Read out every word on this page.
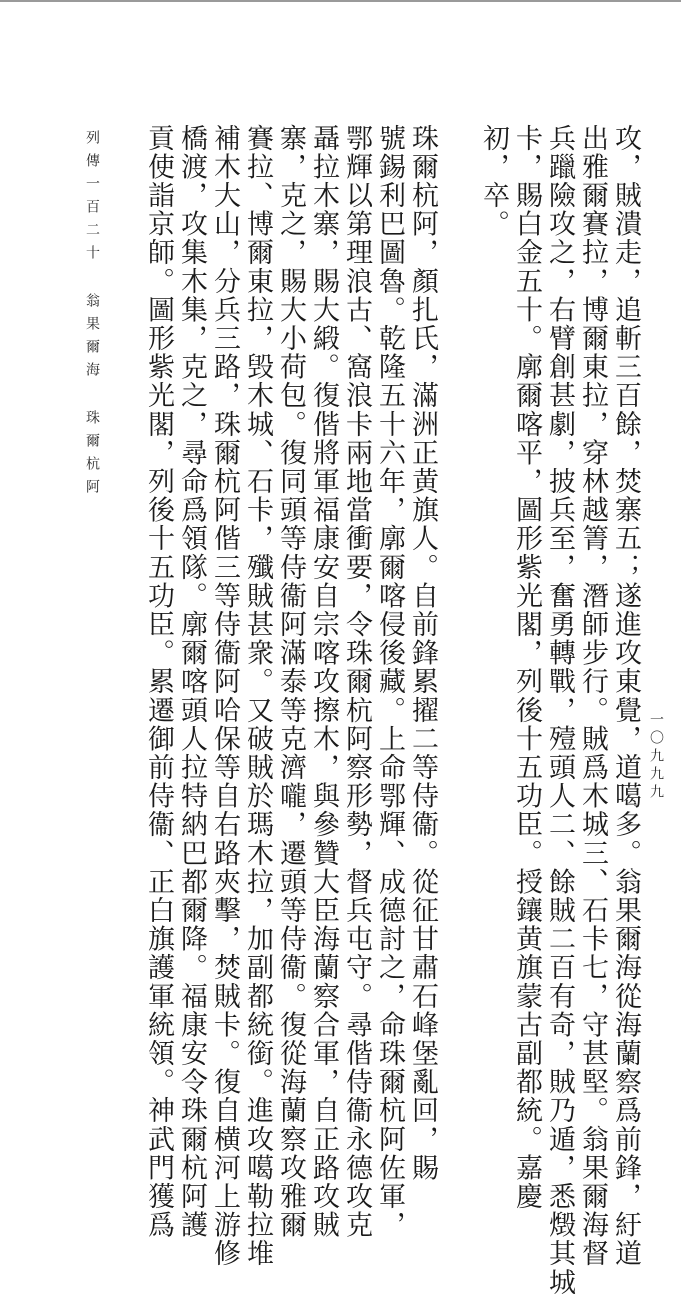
一〇九九九
攻，賊潰走，追斬三百餘，焚寨五；遂進攻東覺，道噶多。翁果爾海從海蘭察爲前鋒，紆道
出雅爾賽拉，博爾東拉，穿林越箐，潛師步行。賊爲木城三、石卡七，守甚堅。翁果爾海督
兵躐險攻之，右臂創甚劇，披兵至，奮勇轉戰，殪頭人二、餘賊二百有奇，賊乃遁，悉燬其城
卡，賜白金五十。廓爾喀平，圖形紫光閣，列後十五功臣。授鑲黄旗蒙古副都統。嘉慶
初，卒。
珠爾杭阿，顏扎氏，滿洲正黄旗人。自前鋒累擢二等侍衞。從征甘肅石峰堡亂回，賜
號錫利巴圖魯。乾隆五十六年，廓爾喀侵後藏。上命鄂輝、成德討之，命珠爾杭阿佐軍，
鄂輝以第理浪古、窩浪卡兩地當衝要，令珠爾杭阿察形勢，督兵屯守。尋偕侍衞永德攻克
聶拉木寨，賜大緞。復偕將軍福康安自宗喀攻擦木，與參贊大臣海蘭察合軍，自正路攻賊
寨，克之，賜大小荷包。復同頭等侍衞阿滿泰等克濟嚨，遷頭等侍衞。復從海蘭察攻雅爾
賽拉、博爾東拉，毁木城、石卡，殲賊甚衆。又破賊於瑪木拉，加副都統銜。進攻噶勒拉堆
補木大山，分兵三路，珠爾杭阿偕三等侍衞阿哈保等自右路夾擊，焚賊卡。復自横河上游修
橋渡，攻集木集，克之，尋命爲領隊。廓爾喀頭人拉特納巴都爾降。福康安令珠爾杭阿護
貢使詣京師。圖形紫光閣，列後十五功臣。累遷御前侍衞、正白旗護軍統領。神武門獲爲
列傳一百二十 翁果爾海 珠爾杭阿
